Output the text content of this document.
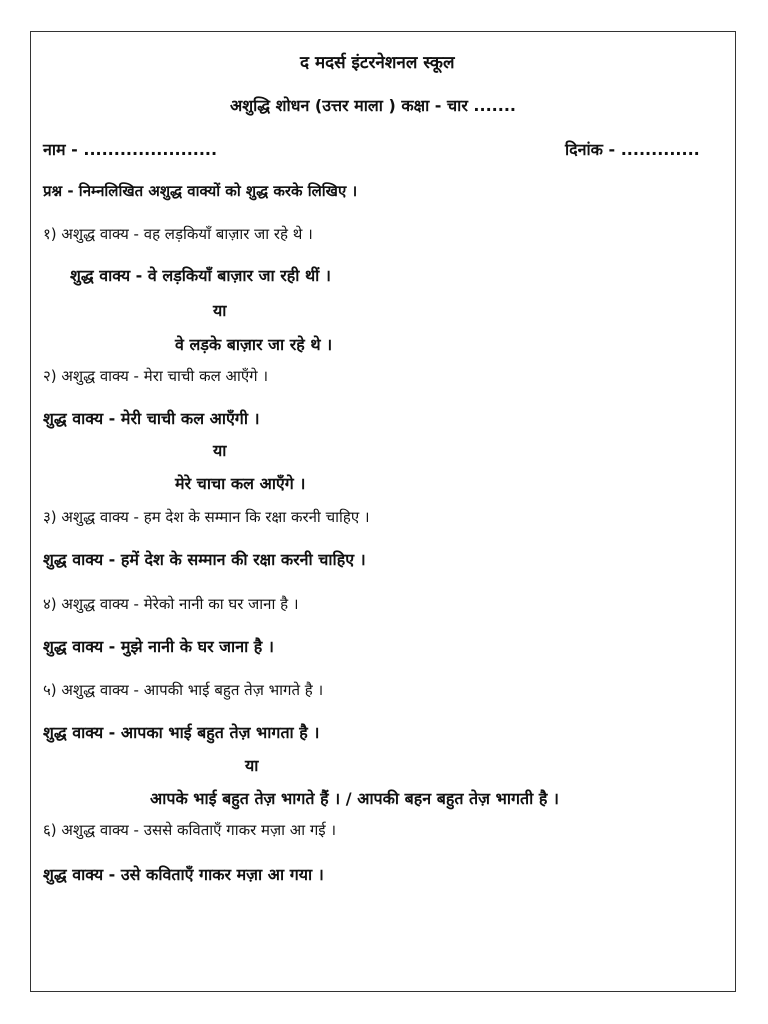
द मदर्स इंटरनेशनल स्कूल
अशुद्धि शोधन (उत्तर माला ) कक्षा - चार .......
नाम - ......................	दिनांक - .............
प्रश्न - निम्नलिखित अशुद्ध वाक्यों को शुद्ध करके लिखिए ।
१) अशुद्ध वाक्य - वह लड़कियाँ बाज़ार जा रहे थे ।
शुद्ध वाक्य - वे लड़कियाँ बाज़ार जा रही थीं ।
या
वे लड़के बाज़ार जा रहे थे ।
२) अशुद्ध वाक्य - मेरा चाची कल आएँगे ।
शुद्ध वाक्य - मेरी चाची कल आएँगी ।
या
मेरे चाचा कल आएँगे ।
३) अशुद्ध वाक्य - हम देश के सम्मान कि रक्षा करनी चाहिए ।
शुद्ध वाक्य - हमें देश के सम्मान की रक्षा करनी चाहिए ।
४) अशुद्ध वाक्य - मेरेको नानी का घर जाना है ।
शुद्ध वाक्य - मुझे नानी के घर जाना है ।
५) अशुद्ध वाक्य - आपकी भाई बहुत तेज़ भागते है ।
शुद्ध वाक्य - आपका भाई बहुत तेज़ भागता है ।
या
आपके भाई बहुत तेज़ भागते हैं । / आपकी बहन बहुत तेज़ भागती है ।
६) अशुद्ध वाक्य - उससे कविताएँ गाकर मज़ा आ गई ।
शुद्ध वाक्य - उसे कविताएँ गाकर मज़ा आ गया ।
